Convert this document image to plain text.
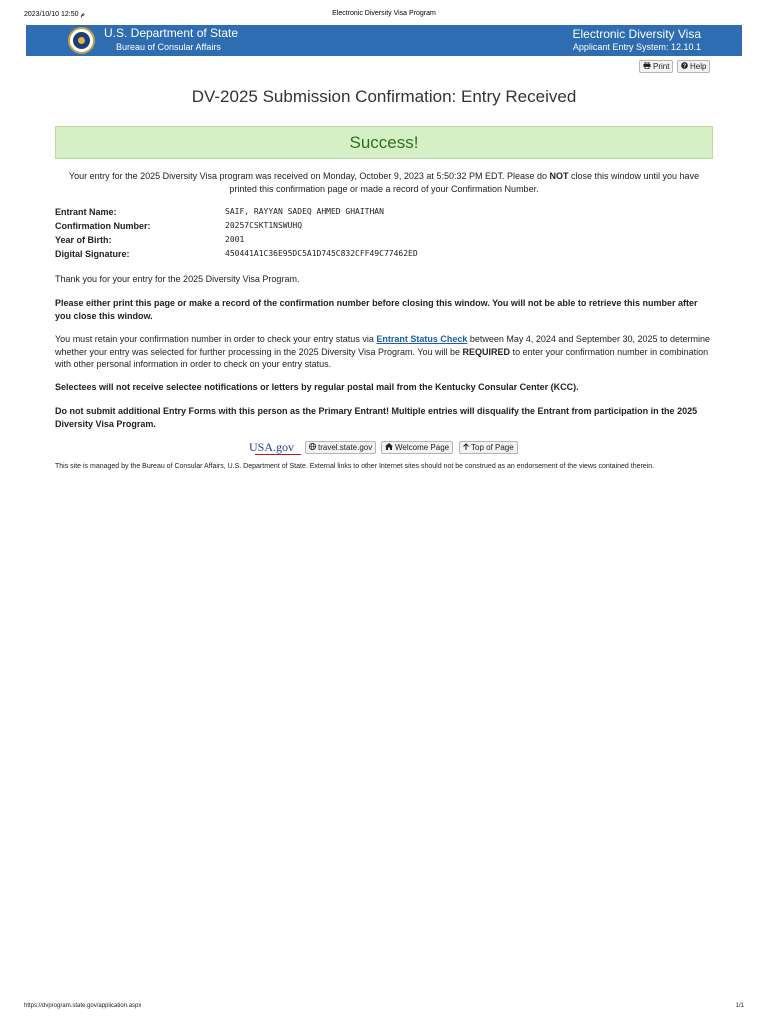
2023/10/10 12:50 م	Electronic Diversity Visa Program
U.S. Department of State
Bureau of Consular Affairs
Electronic Diversity Visa
Applicant Entry System: 12.10.1
Print	? Help
DV-2025 Submission Confirmation: Entry Received
Success!
Your entry for the 2025 Diversity Visa program was received on Monday, October 9, 2023 at 5:50:32 PM EDT. Please do NOT close this window until you have printed this confirmation page or made a record of your Confirmation Number.
Entrant Name:	SAIF, RAYYAN SADEQ AHMED GHAITHAN
Confirmation Number:	20257CSKT1NSWUHQ
Year of Birth:	2001
Digital Signature:	450441A1C36E95DC5A1D745C832CFF49C77462ED
Thank you for your entry for the 2025 Diversity Visa Program.
Please either print this page or make a record of the confirmation number before closing this window. You will not be able to retrieve this number after you close this window.
You must retain your confirmation number in order to check your entry status via Entrant Status Check between May 4, 2024 and September 30, 2025 to determine whether your entry was selected for further processing in the 2025 Diversity Visa Program. You will be REQUIRED to enter your confirmation number in combination with other personal information in order to check on your entry status.
Selectees will not receive selectee notifications or letters by regular postal mail from the Kentucky Consular Center (KCC).
Do not submit additional Entry Forms with this person as the Primary Entrant! Multiple entries will disqualify the Entrant from participation in the 2025 Diversity Visa Program.
USA.gov	travel.state.gov	Welcome Page	Top of Page
This site is managed by the Bureau of Consular Affairs, U.S. Department of State. External links to other Internet sites should not be construed as an endorsement of the views contained therein.
https://dvprogram.state.gov/application.aspx	1/1
